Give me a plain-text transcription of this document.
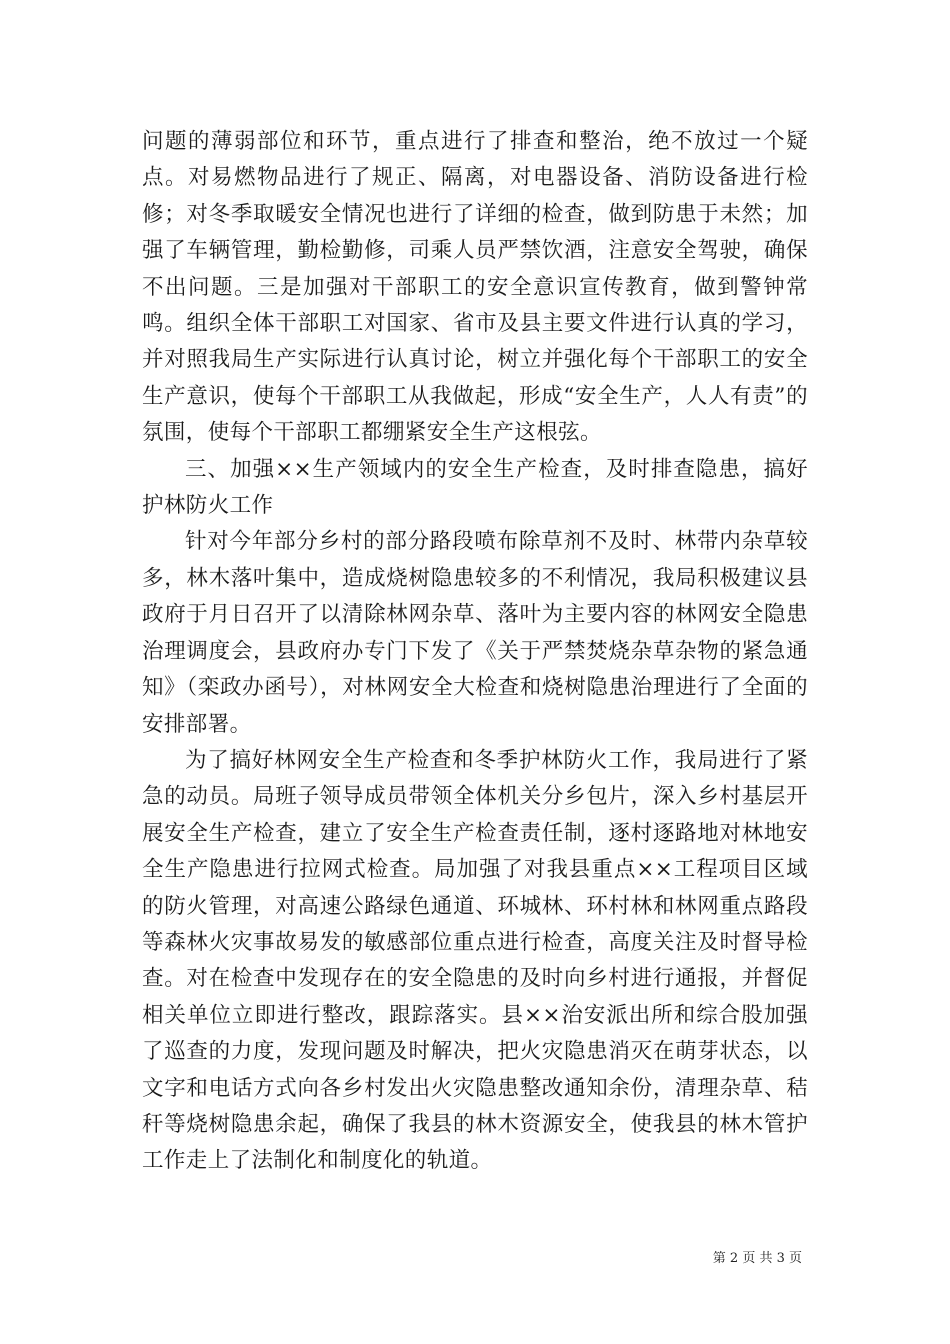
问题的薄弱部位和环节，重点进行了排查和整治，绝不放过一个疑点。对易燃物品进行了规正、隔离，对电器设备、消防设备进行检修；对冬季取暖安全情况也进行了详细的检查，做到防患于未然；加强了车辆管理，勤检勤修，司乘人员严禁饮酒，注意安全驾驶，确保不出问题。三是加强对干部职工的安全意识宣传教育，做到警钟常鸣。组织全体干部职工对国家、省市及县主要文件进行认真的学习，并对照我局生产实际进行认真讨论，树立并强化每个干部职工的安全生产意识，使每个干部职工从我做起，形成“安全生产，人人有责”的氛围，使每个干部职工都绷紧安全生产这根弦。

三、加强××生产领域内的安全生产检查，及时排查隐患，搞好护林防火工作

针对今年部分乡村的部分路段喷布除草剂不及时、林带内杂草较多，林木落叶集中，造成烧树隐患较多的不利情况，我局积极建议县政府于月日召开了以清除林网杂草、落叶为主要内容的林网安全隐患治理调度会，县政府办专门下发了《关于严禁焚烧杂草杂物的紧急通知》（栾政办函号），对林网安全大检查和烧树隐患治理进行了全面的安排部署。

为了搞好林网安全生产检查和冬季护林防火工作，我局进行了紧急的动员。局班子领导成员带领全体机关分乡包片，深入乡村基层开展安全生产检查，建立了安全生产检查责任制，逐村逐路地对林地安全生产隐患进行拉网式检查。局加强了对我县重点××工程项目区域的防火管理，对高速公路绿色通道、环城林、环村林和林网重点路段等森林火灾事故易发的敏感部位重点进行检查，高度关注及时督导检查。对在检查中发现存在的安全隐患的及时向乡村进行通报，并督促相关单位立即进行整改，跟踪落实。县××治安派出所和综合股加强了巡查的力度，发现问题及时解决，把火灾隐患消灭在萌芽状态，以文字和电话方式向各乡村发出火灾隐患整改通知余份，清理杂草、秸秆等烧树隐患余起，确保了我县的林木资源安全，使我县的林木管护工作走上了法制化和制度化的轨道。

第 2 页 共 3 页
